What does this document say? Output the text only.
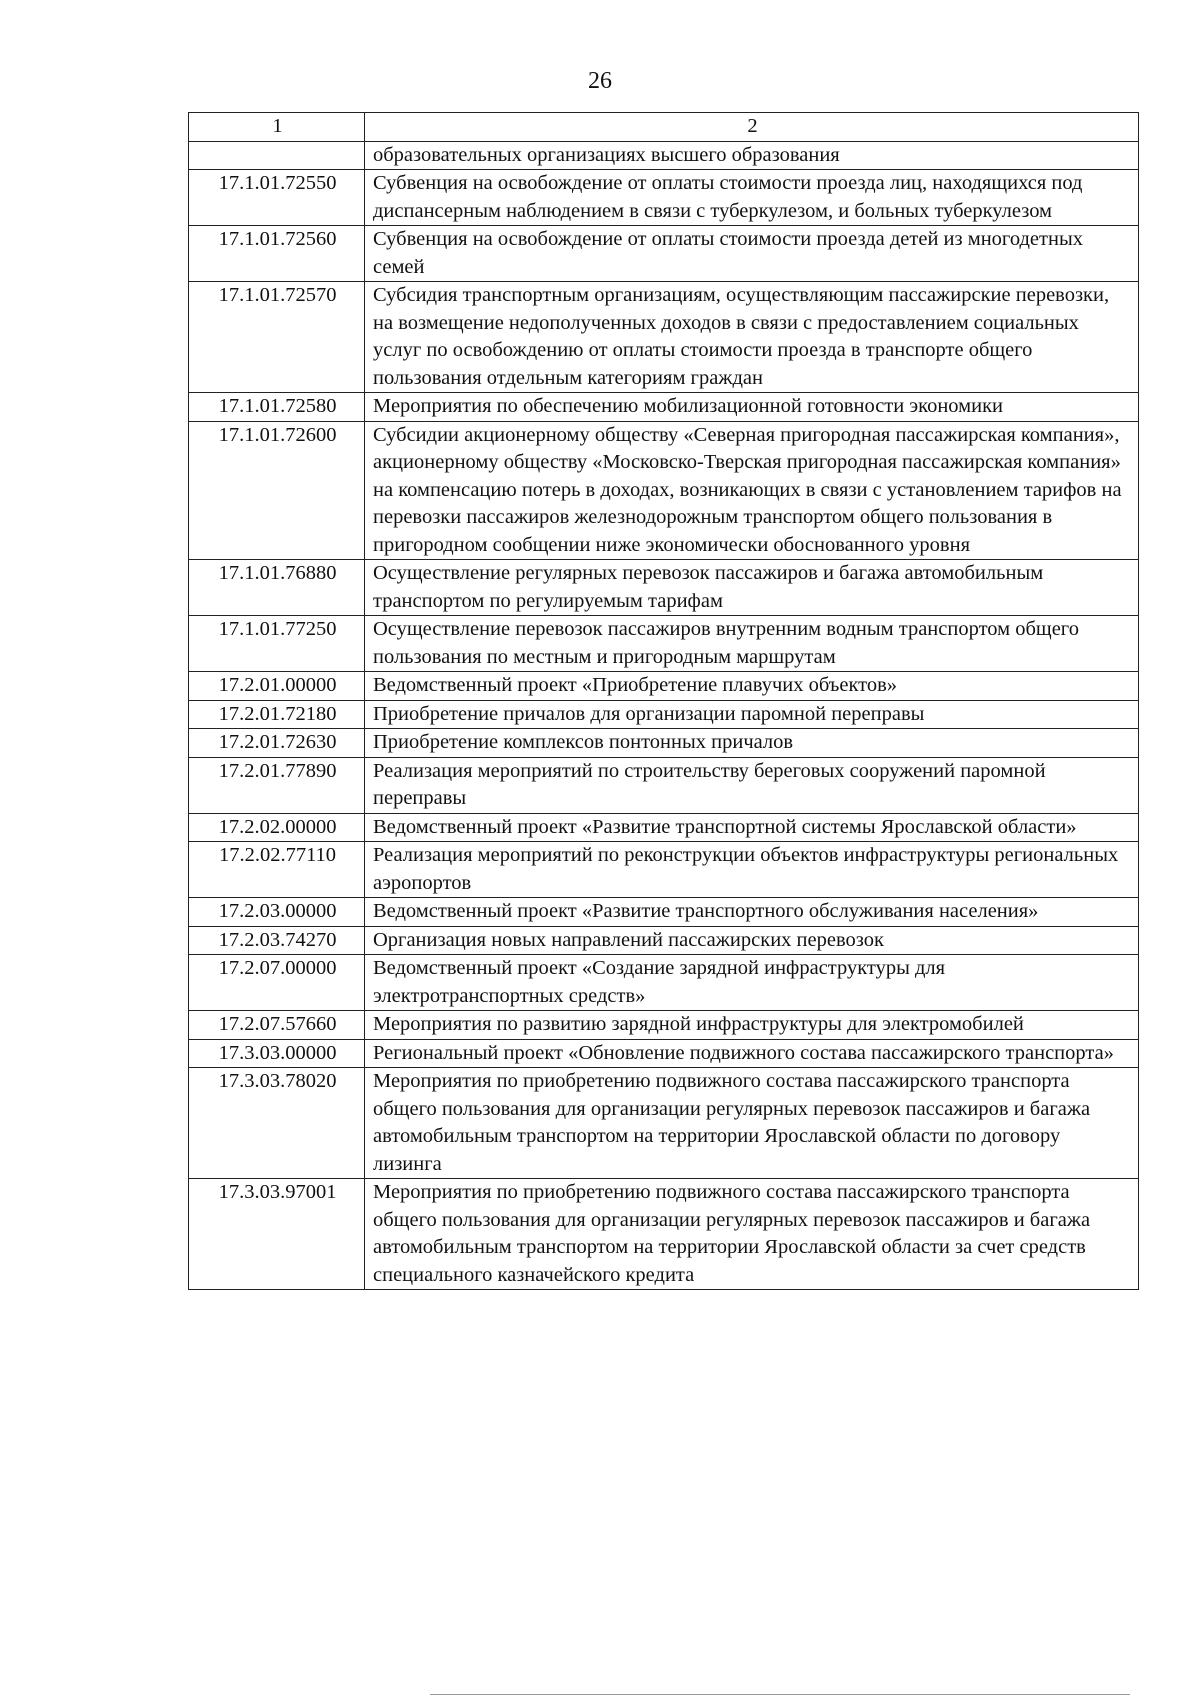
26
1	2
	образовательных организациях высшего образования
17.1.01.72550	Субвенция на освобождение от оплаты стоимости проезда лиц, находящихся под диспансерным наблюдением в связи с туберкулезом, и больных туберкулезом
17.1.01.72560	Субвенция на освобождение от оплаты стоимости проезда детей из многодетных семей
17.1.01.72570	Субсидия транспортным организациям, осуществляющим пассажирские перевозки, на возмещение недополученных доходов в связи с предоставлением социальных услуг по освобождению от оплаты стоимости проезда в транспорте общего пользования отдельным категориям граждан
17.1.01.72580	Мероприятия по обеспечению мобилизационной готовности экономики
17.1.01.72600	Субсидии акционерному обществу «Северная пригородная пассажирская компания», акционерному обществу «Московско-Тверская пригородная пассажирская компания» на компенсацию потерь в доходах, возникающих в связи с установлением тарифов на перевозки пассажиров железнодорожным транспортом общего пользования в пригородном сообщении ниже экономически обоснованного уровня
17.1.01.76880	Осуществление регулярных перевозок пассажиров и багажа автомобильным транспортом по регулируемым тарифам
17.1.01.77250	Осуществление перевозок пассажиров внутренним водным транспортом общего пользования по местным и пригородным маршрутам
17.2.01.00000	Ведомственный проект «Приобретение плавучих объектов»
17.2.01.72180	Приобретение причалов для организации паромной переправы
17.2.01.72630	Приобретение комплексов понтонных причалов
17.2.01.77890	Реализация мероприятий по строительству береговых сооружений паромной переправы
17.2.02.00000	Ведомственный проект «Развитие транспортной системы Ярославской области»
17.2.02.77110	Реализация мероприятий по реконструкции объектов инфраструктуры региональных аэропортов
17.2.03.00000	Ведомственный проект «Развитие транспортного обслуживания населения»
17.2.03.74270	Организация новых направлений пассажирских перевозок
17.2.07.00000	Ведомственный проект «Создание зарядной инфраструктуры для электротранспортных средств»
17.2.07.57660	Мероприятия по развитию зарядной инфраструктуры для электромобилей
17.3.03.00000	Региональный проект «Обновление подвижного состава пассажирского транспорта»
17.3.03.78020	Мероприятия по приобретению подвижного состава пассажирского транспорта общего пользования для организации регулярных перевозок пассажиров и багажа автомобильным транспортом на территории Ярославской области по договору лизинга
17.3.03.97001	Мероприятия по приобретению подвижного состава пассажирского транспорта общего пользования для организации регулярных перевозок пассажиров и багажа автомобильным транспортом на территории Ярославской области за счет средств специального казначейского кредита
